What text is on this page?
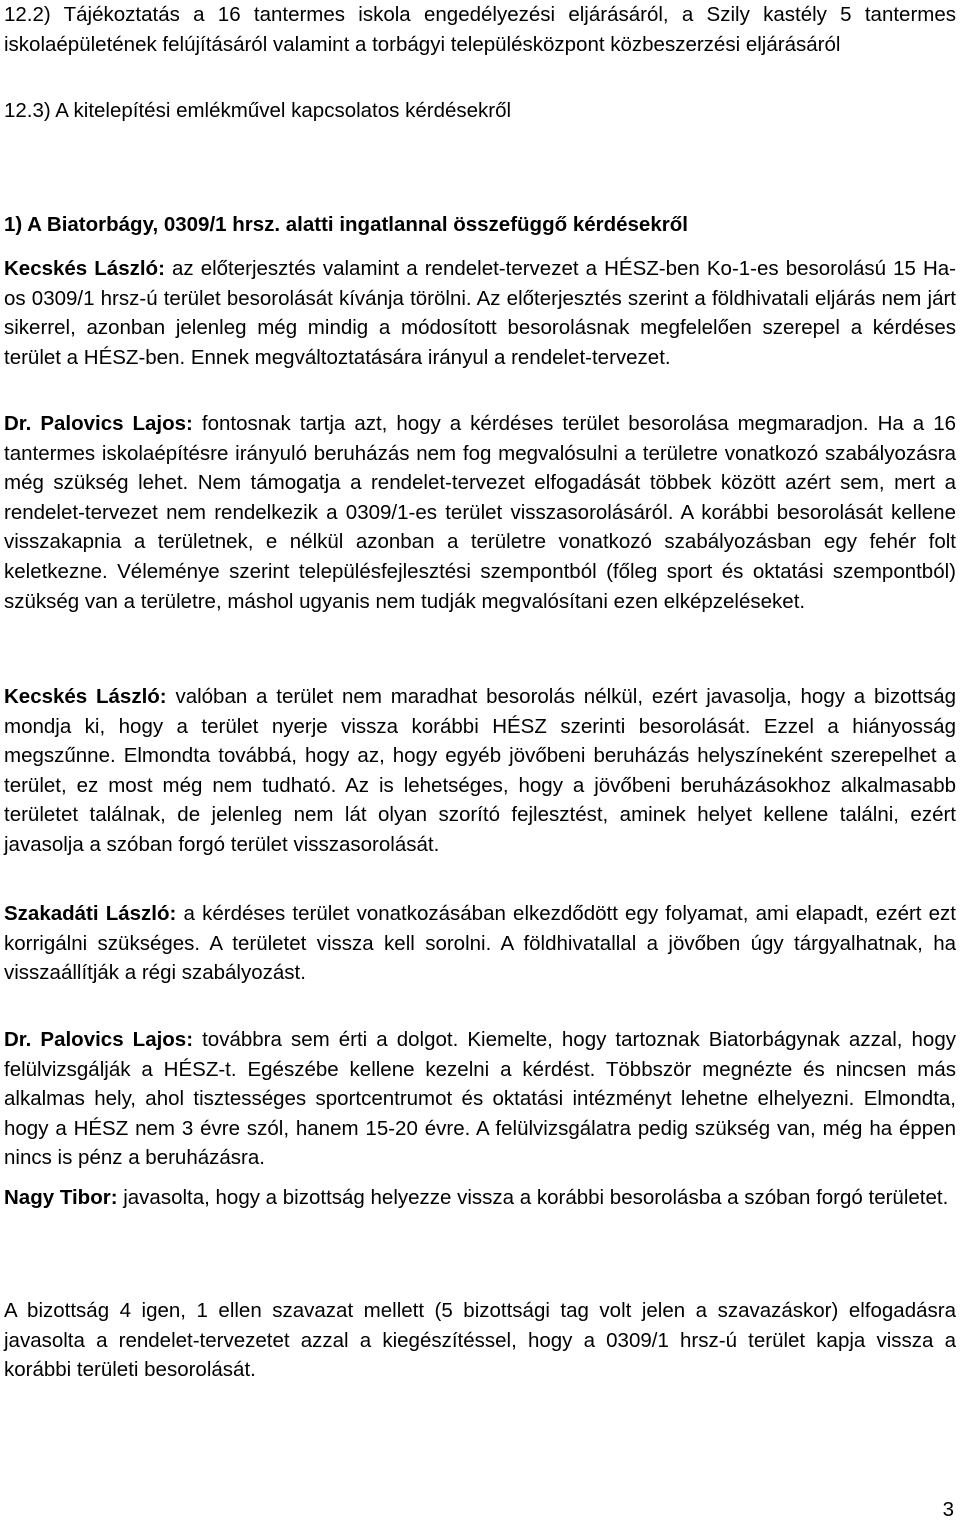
12.2) Tájékoztatás a 16 tantermes iskola engedélyezési eljárásáról, a Szily kastély 5 tantermes iskolaépületének felújításáról valamint a torbágyi településközpont közbeszerzési eljárásáról

12.3) A kitelepítési emlékművel kapcsolatos kérdésekről

1) A Biatorbágy, 0309/1 hrsz. alatti ingatlannal összefüggő kérdésekről

Kecskés László: az előterjesztés valamint a rendelet-tervezet a HÉSZ-ben Ko-1-es besorolású 15 Ha-os 0309/1 hrsz-ú terület besorolását kívánja törölni. Az előterjesztés szerint a földhivatali eljárás nem járt sikerrel, azonban jelenleg még mindig a módosított besorolásnak megfelelően szerepel a kérdéses terület a HÉSZ-ben. Ennek megváltoztatására irányul a rendelet-tervezet.

Dr. Palovics Lajos: fontosnak tartja azt, hogy a kérdéses terület besorolása megmaradjon. Ha a 16 tantermes iskolaépítésre irányuló beruházás nem fog megvalósulni a területre vonatkozó szabályozásra még szükség lehet. Nem támogatja a rendelet-tervezet elfogadását többek között azért sem, mert a rendelet-tervezet nem rendelkezik a 0309/1-es terület visszasorolásáról. A korábbi besorolását kellene visszakapnia a területnek, e nélkül azonban a területre vonatkozó szabályozásban egy fehér folt keletkezne. Véleménye szerint településfejlesztési szempontból (főleg sport és oktatási szempontból) szükség van a területre, máshol ugyanis nem tudják megvalósítani ezen elképzeléseket.

Kecskés László: valóban a terület nem maradhat besorolás nélkül, ezért javasolja, hogy a bizottság mondja ki, hogy a terület nyerje vissza korábbi HÉSZ szerinti besorolását. Ezzel a hiányosság megszűnne. Elmondta továbbá, hogy az, hogy egyéb jövőbeni beruházás helyszíneként szerepelhet a terület, ez most még nem tudható. Az is lehetséges, hogy a jövőbeni beruházásokhoz alkalmasabb területet találnak, de jelenleg nem lát olyan szorító fejlesztést, aminek helyet kellene találni, ezért javasolja a szóban forgó terület visszasorolását.

Szakadáti László: a kérdéses terület vonatkozásában elkezdődött egy folyamat, ami elapadt, ezért ezt korrigálni szükséges. A területet vissza kell sorolni. A földhivatallal a jövőben úgy tárgyalhatnak, ha visszaállítják a régi szabályozást.

Dr. Palovics Lajos: továbbra sem érti a dolgot. Kiemelte, hogy tartoznak Biatorbágynak azzal, hogy felülvizsgálják a HÉSZ-t. Egészébe kellene kezelni a kérdést. Többször megnézte és nincsen más alkalmas hely, ahol tisztességes sportcentrumot és oktatási intézményt lehetne elhelyezni. Elmondta, hogy a HÉSZ nem 3 évre szól, hanem 15-20 évre. A felülvizsgálatra pedig szükség van, még ha éppen nincs is pénz a beruházásra.

Nagy Tibor: javasolta, hogy a bizottság helyezze vissza a korábbi besorolásba a szóban forgó területet.

A bizottság 4 igen, 1 ellen szavazat mellett (5 bizottsági tag volt jelen a szavazáskor) elfogadásra javasolta a rendelet-tervezetet azzal a kiegészítéssel, hogy a 0309/1 hrsz-ú terület kapja vissza a korábbi területi besorolását.

3
